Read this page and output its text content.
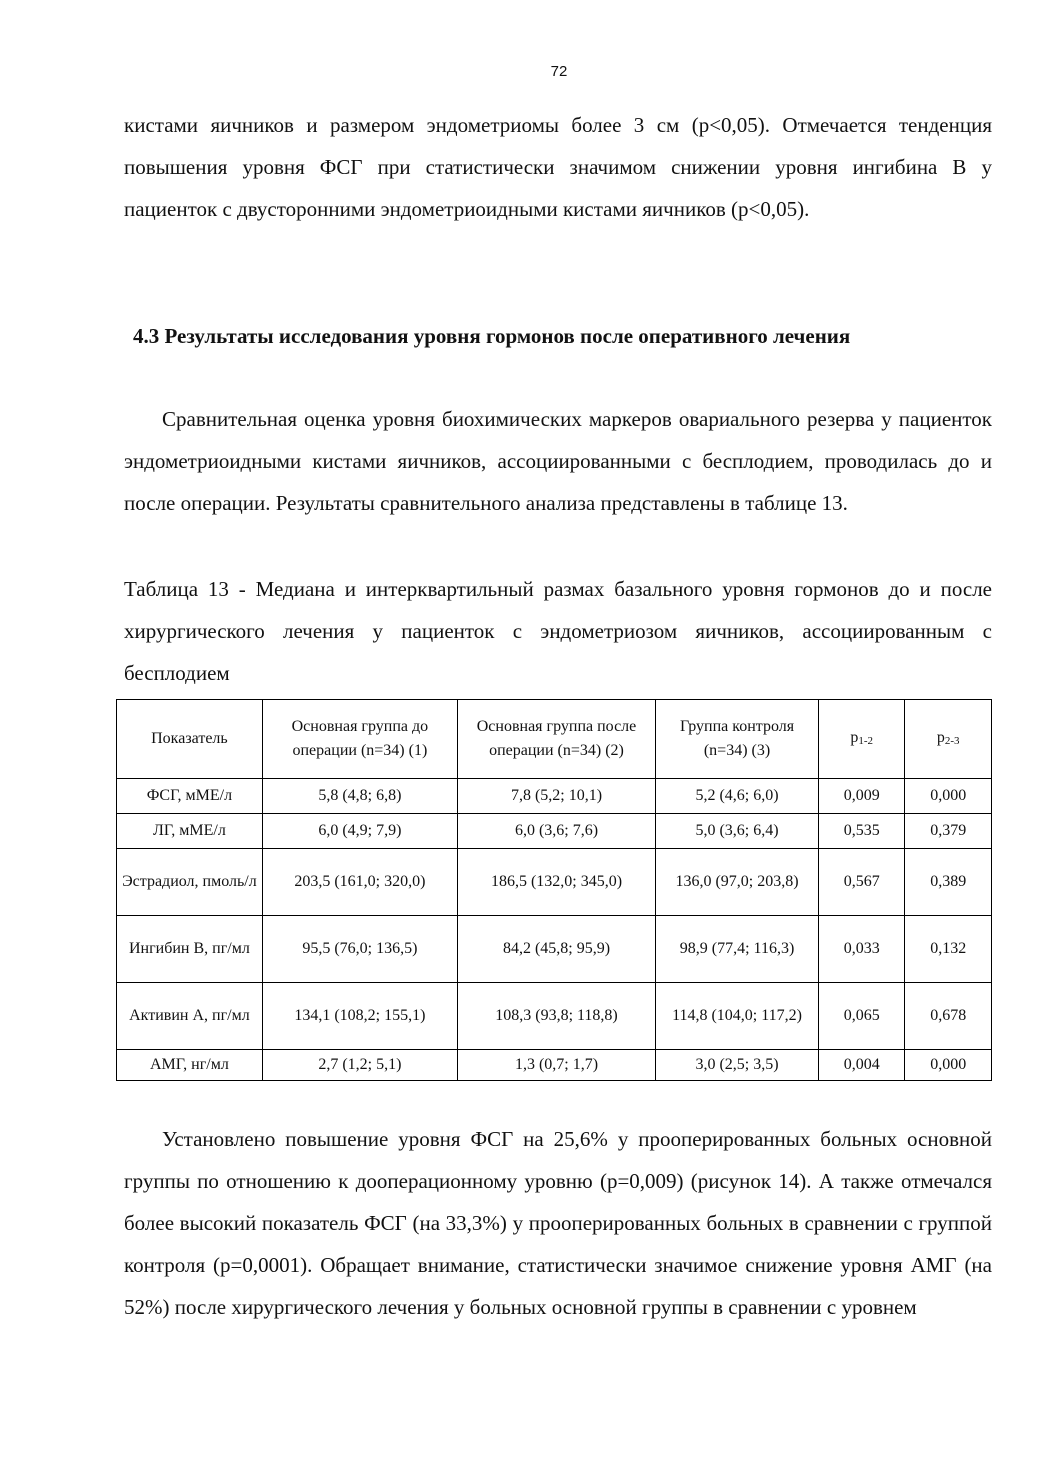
72

кистами яичников и размером эндометриомы более 3 см (р<0,05). Отмечается тенденция повышения уровня ФСГ при статистически значимом снижении уровня ингибина В у пациенток с двусторонними эндометриоидными кистами яичников (р<0,05).

4.3 Результаты исследования уровня гормонов после оперативного лечения

Сравнительная оценка уровня биохимических маркеров овариального резерва у пациенток эндометриоидными кистами яичников, ассоциированными с бесплодием, проводилась до и после операции. Результаты сравнительного анализа представлены в таблице 13.

Таблица 13 - Медиана и интерквартильный размах базального уровня гормонов до и после хирургического лечения у пациенток с эндометриозом яичников, ассоциированным с бесплодием

Показатель	Основная группа до операции (n=34) (1)	Основная группа после операции (n=34) (2)	Группа контроля (n=34) (3)	p1-2	p2-3
ФСГ, мМЕ/л	5,8 (4,8; 6,8)	7,8 (5,2; 10,1)	5,2 (4,6; 6,0)	0,009	0,000
ЛГ, мМЕ/л	6,0 (4,9; 7,9)	6,0 (3,6; 7,6)	5,0 (3,6; 6,4)	0,535	0,379
Эстрадиол, пмоль/л	203,5 (161,0; 320,0)	186,5 (132,0; 345,0)	136,0 (97,0; 203,8)	0,567	0,389
Ингибин В, пг/мл	95,5 (76,0; 136,5)	84,2 (45,8; 95,9)	98,9 (77,4; 116,3)	0,033	0,132
Активин А, пг/мл	134,1 (108,2; 155,1)	108,3 (93,8; 118,8)	114,8 (104,0; 117,2)	0,065	0,678
АМГ, нг/мл	2,7 (1,2; 5,1)	1,3 (0,7; 1,7)	3,0 (2,5; 3,5)	0,004	0,000

Установлено повышение уровня ФСГ на 25,6% у прооперированных больных основной группы по отношению к дооперационному уровню (р=0,009) (рисунок 14). А также отмечался более высокий показатель ФСГ (на 33,3%) у прооперированных больных в сравнении с группой контроля (р=0,0001). Обращает внимание, статистически значимое снижение уровня АМГ (на 52%) после хирургического лечения у больных основной группы в сравнении с уровнем
